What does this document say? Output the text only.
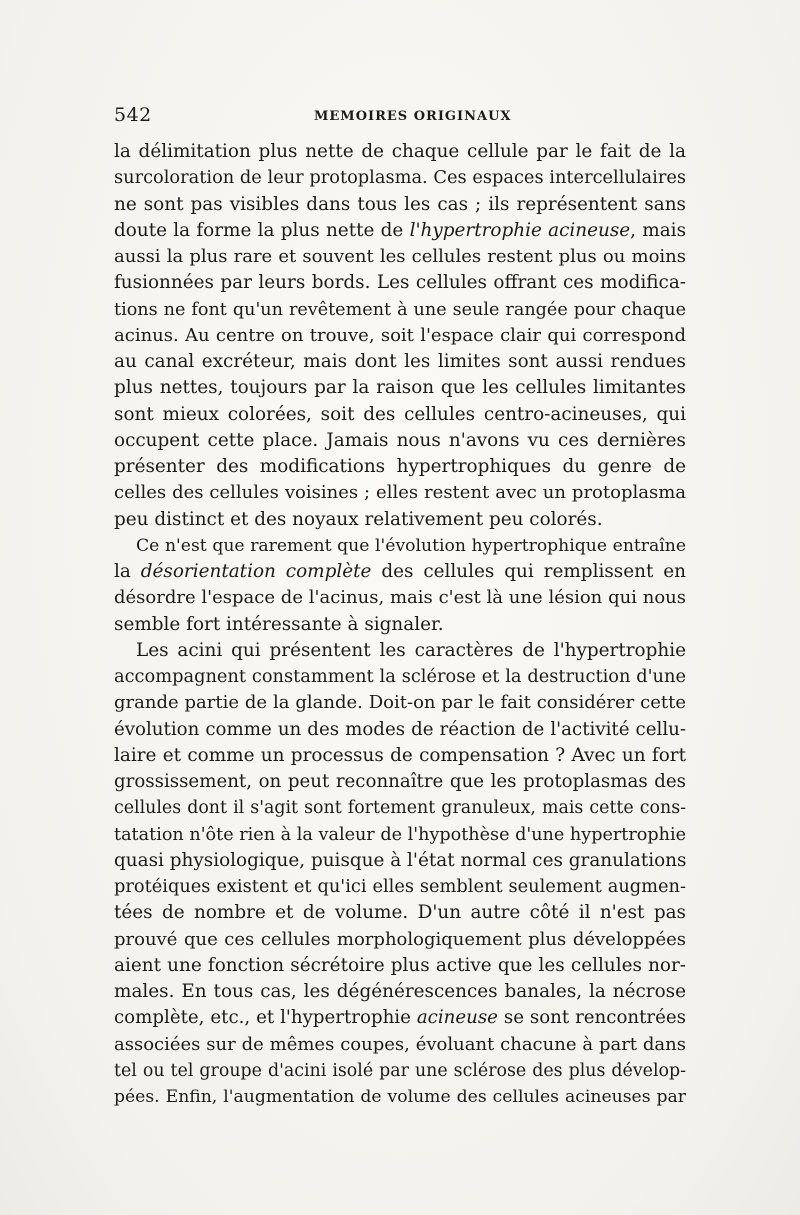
542	MEMOIRES ORIGINAUX
la délimitation plus nette de chaque cellule par le fait de la
surcoloration de leur protoplasma. Ces espaces intercellulaires
ne sont pas visibles dans tous les cas ; ils représentent sans
doute la forme la plus nette de l'hypertrophie acineuse, mais
aussi la plus rare et souvent les cellules restent plus ou moins
fusionnées par leurs bords. Les cellules offrant ces modifica-
tions ne font qu'un revêtement à une seule rangée pour chaque
acinus. Au centre on trouve, soit l'espace clair qui correspond
au canal excréteur, mais dont les limites sont aussi rendues
plus nettes, toujours par la raison que les cellules limitantes
sont mieux colorées, soit des cellules centro-acineuses, qui
occupent cette place. Jamais nous n'avons vu ces dernières
présenter des modifications hypertrophiques du genre de
celles des cellules voisines ; elles restent avec un protoplasma
peu distinct et des noyaux relativement peu colorés.
Ce n'est que rarement que l'évolution hypertrophique entraîne
la désorientation complète des cellules qui remplissent en
désordre l'espace de l'acinus, mais c'est là une lésion qui nous
semble fort intéressante à signaler.
Les acini qui présentent les caractères de l'hypertrophie
accompagnent constamment la sclérose et la destruction d'une
grande partie de la glande. Doit-on par le fait considérer cette
évolution comme un des modes de réaction de l'activité cellu-
laire et comme un processus de compensation ? Avec un fort
grossissement, on peut reconnaître que les protoplasmas des
cellules dont il s'agit sont fortement granuleux, mais cette cons-
tatation n'ôte rien à la valeur de l'hypothèse d'une hypertrophie
quasi physiologique, puisque à l'état normal ces granulations
protéiques existent et qu'ici elles semblent seulement augmen-
tées de nombre et de volume. D'un autre côté il n'est pas
prouvé que ces cellules morphologiquement plus développées
aient une fonction sécrétoire plus active que les cellules nor-
males. En tous cas, les dégénérescences banales, la nécrose
complète, etc., et l'hypertrophie acineuse se sont rencontrées
associées sur de mêmes coupes, évoluant chacune à part dans
tel ou tel groupe d'acini isolé par une sclérose des plus dévelop-
pées. Enfin, l'augmentation de volume des cellules acineuses par
